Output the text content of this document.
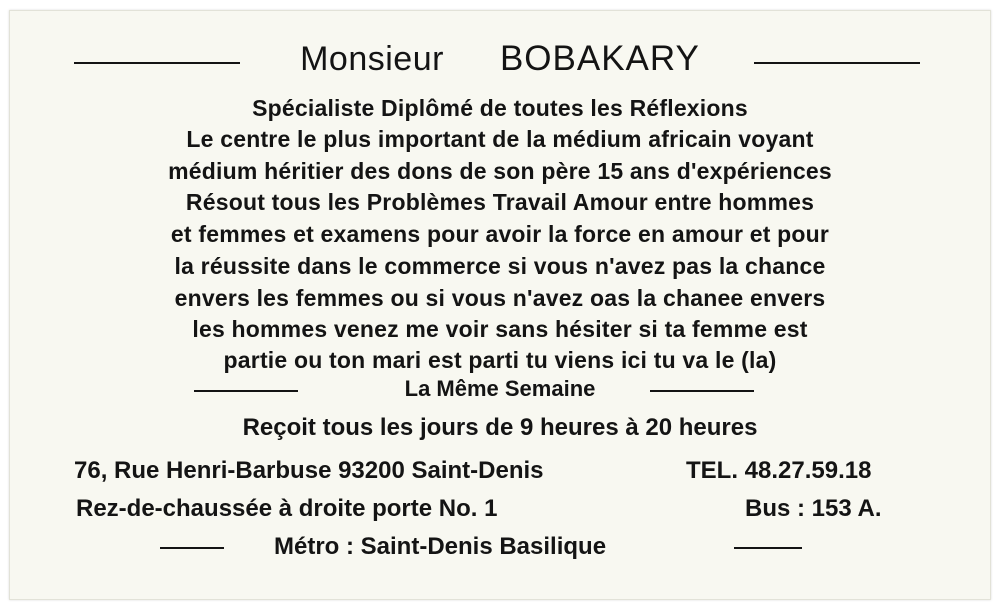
Monsieur BOBAKARY
Spécialiste Diplômé de toutes les Réflexions
Le centre le plus important de la médium africain voyant
médium héritier des dons de son père 15 ans d'expériences
Résout tous les Problèmes Travail Amour entre hommes
et femmes et examens pour avoir la force en amour et pour
la réussite dans le commerce si vous n'avez pas la chance
envers les femmes ou si vous n'avez oas la chanee envers
les hommes venez me voir sans hésiter si ta femme est
partie ou ton mari est parti tu viens ici tu va le (la)
La Même Semaine
Reçoit tous les jours de 9 heures à 20 heures
76, Rue Henri-Barbuse 93200 Saint-Denis	TEL. 48.27.59.18
Rez-de-chaussée à droite porte No. 1	Bus : 153 A.
Métro : Saint-Denis Basilique
